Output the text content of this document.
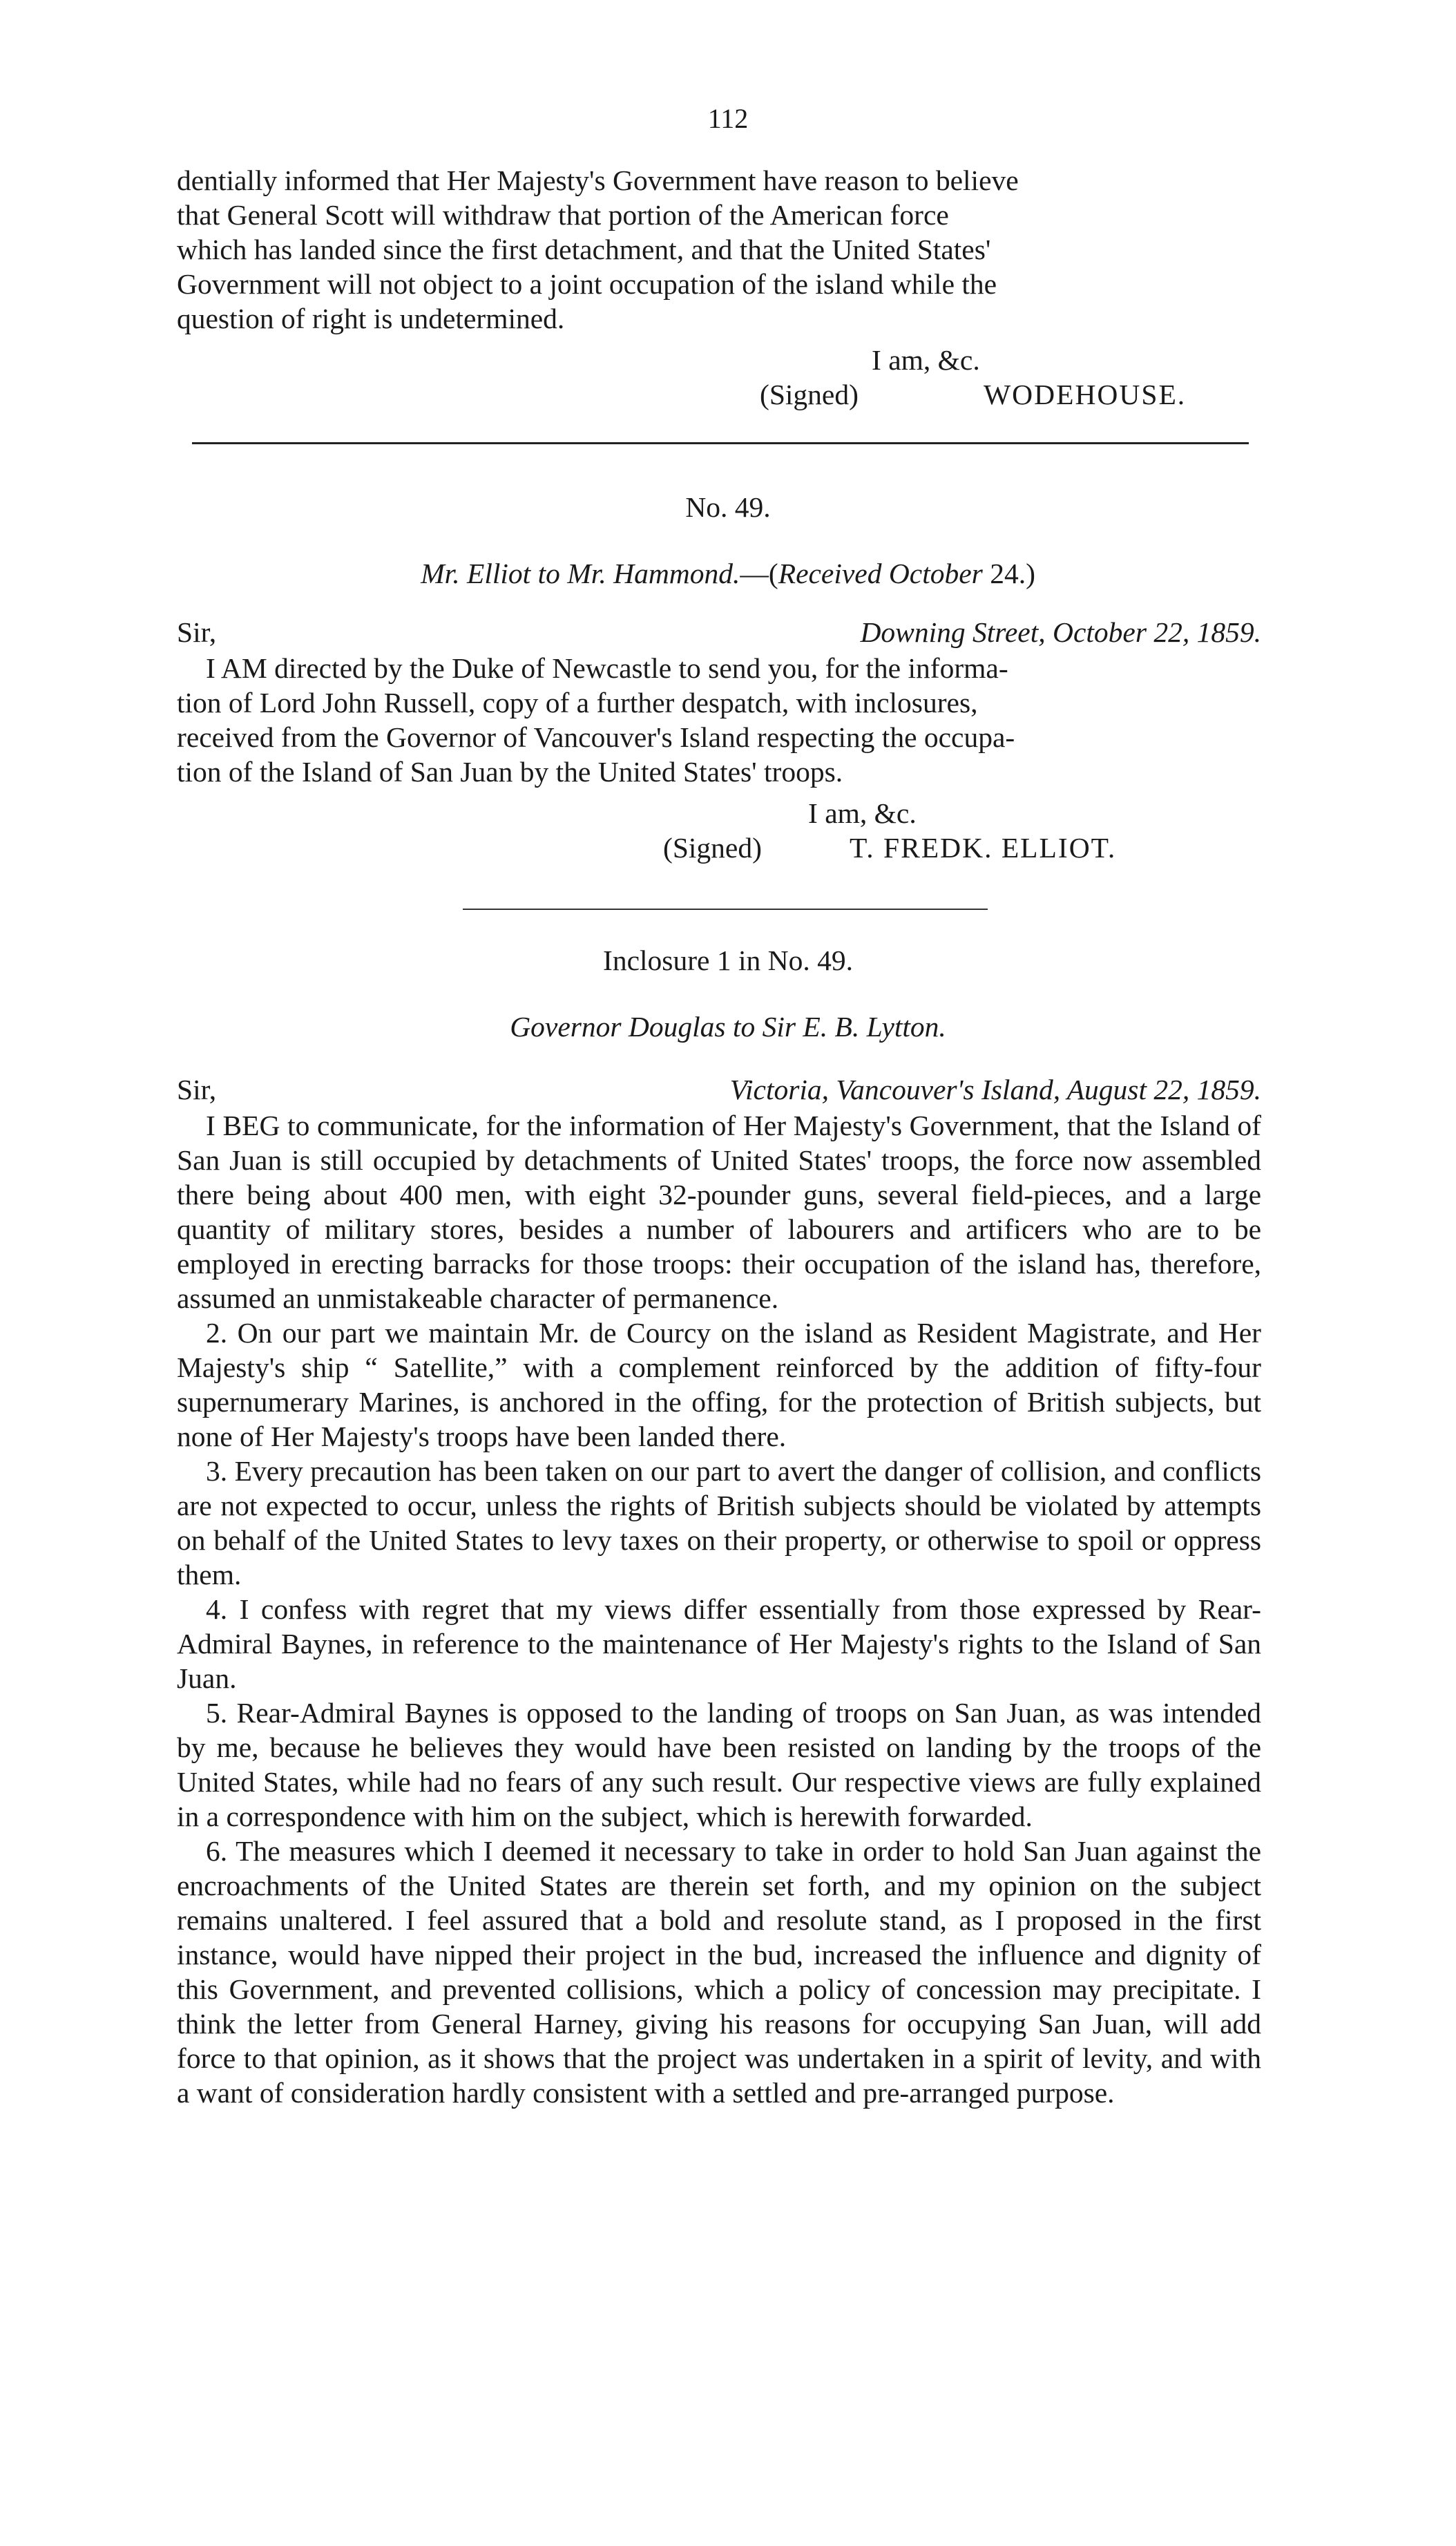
112

dentially informed that Her Majesty's Government have reason to believe

that General Scott will withdraw that portion of the American force

which has landed since the first detachment, and that the United States'

Government will not object to a joint occupation of the island while the

question of right is undetermined.

I am, &c.
(Signed)	WODEHOUSE.
No. 49.
Mr. Elliot to Mr. Hammond.—(Received October 24.)
Sir,	Downing Street, October 22, 1859.

I AM directed by the Duke of Newcastle to send you, for the informa-

tion of Lord John Russell, copy of a further despatch, with inclosures,

received from the Governor of Vancouver's Island respecting the occupa-

tion of the Island of San Juan by the United States' troops.

I am, &c.
(Signed)	T. FREDK. ELLIOT.
Inclosure 1 in No. 49.
Governor Douglas to Sir E. B. Lytton.
Sir,	Victoria, Vancouver's Island, August 22, 1859.

I BEG to communicate, for the information of Her Majesty's Government, that the Island of San Juan is still occupied by detachments of United States' troops, the force now assembled there being about 400 men, with eight 32-pounder guns, several field-pieces, and a large quantity of military stores, besides a number of labourers and artificers who are to be employed in erecting barracks for those troops: their occupation of the island has, therefore, assumed an unmistakeable character of permanence.

2. On our part we maintain Mr. de Courcy on the island as Resident Magistrate, and Her Majesty's ship “ Satellite,” with a complement reinforced by the addition of fifty-four supernumerary Marines, is anchored in the offing, for the protection of British subjects, but none of Her Majesty's troops have been landed there.

3. Every precaution has been taken on our part to avert the danger of collision, and conflicts are not expected to occur, unless the rights of British subjects should be violated by attempts on behalf of the United States to levy taxes on their property, or otherwise to spoil or oppress them.

4. I confess with regret that my views differ essentially from those expressed by Rear-Admiral Baynes, in reference to the maintenance of Her Majesty's rights to the Island of San Juan.

5. Rear-Admiral Baynes is opposed to the landing of troops on San Juan, as was intended by me, because he believes they would have been resisted on landing by the troops of the United States, while had no fears of any such result. Our respective views are fully explained in a correspondence with him on the subject, which is herewith forwarded.

6. The measures which I deemed it necessary to take in order to hold San Juan against the encroachments of the United States are therein set forth, and my opinion on the subject remains unaltered. I feel assured that a bold and resolute stand, as I proposed in the first instance, would have nipped their project in the bud, increased the influence and dignity of this Government, and prevented collisions, which a policy of concession may precipitate. I think the letter from General Harney, giving his reasons for occupying San Juan, will add force to that opinion, as it shows that the project was undertaken in a spirit of levity, and with a want of consideration hardly consistent with a settled and pre-arranged purpose.
